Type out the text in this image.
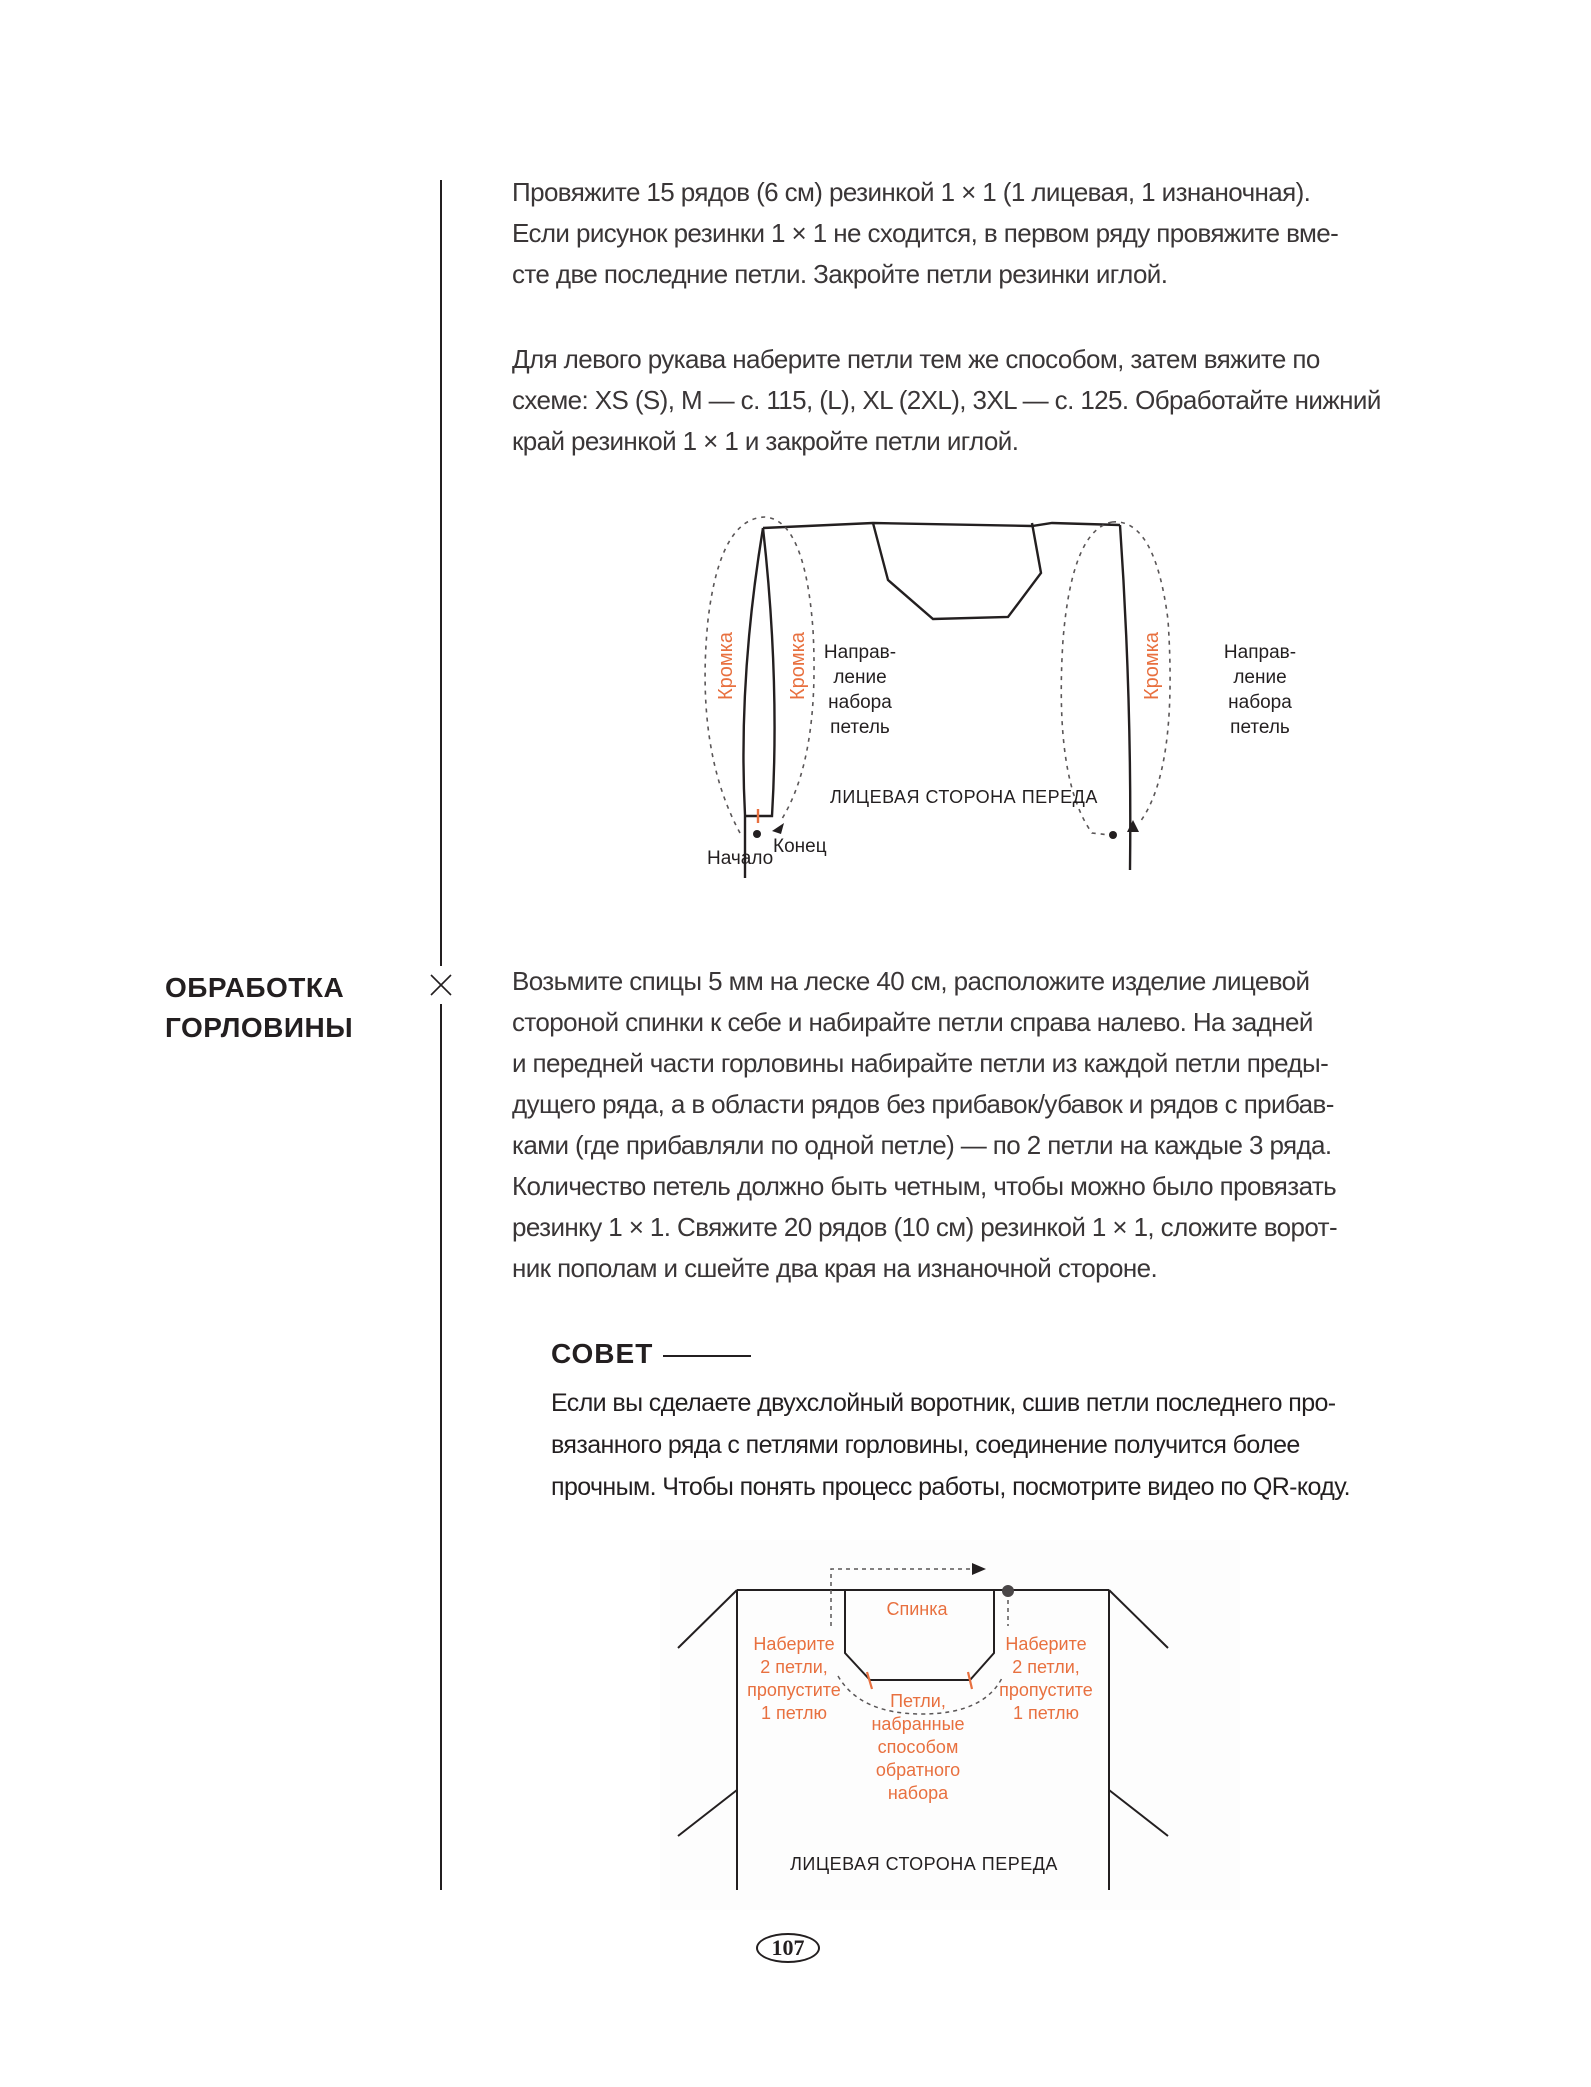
Провяжите 15 рядов (6 см) резинкой 1 × 1 (1 лицевая, 1 изнаночная).
Если рисунок резинки 1 × 1 не сходится, в первом ряду провяжите вме-
сте две последние петли. Закройте петли резинки иглой.

Для левого рукава наберите петли тем же способом, затем вяжите по
схеме: XS (S), M — с. 115, (L), XL (2XL), 3XL — с. 125. Обработайте нижний
край резинкой 1 × 1 и закройте петли иглой.

Кромка	Кромка	Кромка
Направ-
ление
набора
петель
Направ-
ление
набора
петель
ЛИЦЕВАЯ СТОРОНА ПЕРЕДА
Начало
Конец
ОБРАБОТКА
ГОРЛОВИНЫ

Возьмите спицы 5 мм на леске 40 см, расположите изделие лицевой
стороной спинки к себе и набирайте петли справа налево. На задней
и передней части горловины набирайте петли из каждой петли преды-
дущего ряда, а в области рядов без прибавок/убавок и рядов с прибав-
ками (где прибавляли по одной петле) — по 2 петли на каждые 3 ряда.
Количество петель должно быть четным, чтобы можно было провязать
резинку 1 × 1. Свяжите 20 рядов (10 см) резинкой 1 × 1, сложите ворот-
ник пополам и сшейте два края на изнаночной стороне.

СОВЕТ

Если вы сделаете двухслойный воротник, сшив петли последнего про-
вязанного ряда с петлями горловины, соединение получится более
прочным. Чтобы понять процесс работы, посмотрите видео по QR-коду.

Спинка
Наберите
2 петли,
пропустите
1 петлю
Наберите
2 петли,
пропустите
1 петлю
Петли,
набранные
способом
обратного
набора
ЛИЦЕВАЯ СТОРОНА ПЕРЕДА
107
